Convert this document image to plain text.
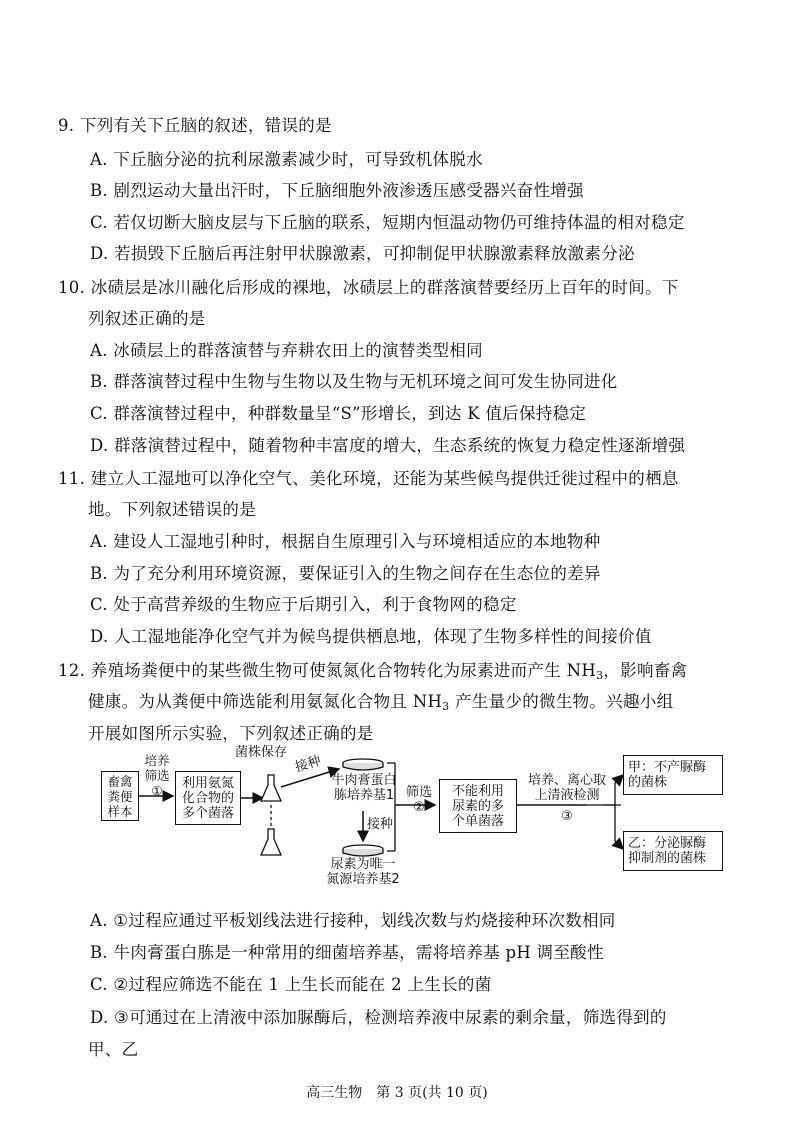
9. 下列有关下丘脑的叙述，错误的是
A. 下丘脑分泌的抗利尿激素减少时，可导致机体脱水
B. 剧烈运动大量出汗时，下丘脑细胞外液渗透压感受器兴奋性增强
C. 若仅切断大脑皮层与下丘脑的联系，短期内恒温动物仍可维持体温的相对稳定
D. 若损毁下丘脑后再注射甲状腺激素，可抑制促甲状腺激素释放激素分泌
10. 冰碛层是冰川融化后形成的裸地，冰碛层上的群落演替要经历上百年的时间。下
列叙述正确的是
A. 冰碛层上的群落演替与弃耕农田上的演替类型相同
B. 群落演替过程中生物与生物以及生物与无机环境之间可发生协同进化
C. 群落演替过程中，种群数量呈“S”形增长，到达 K 值后保持稳定
D. 群落演替过程中，随着物种丰富度的增大，生态系统的恢复力稳定性逐渐增强
11. 建立人工湿地可以净化空气、美化环境，还能为某些候鸟提供迁徙过程中的栖息
地。下列叙述错误的是
A. 建设人工湿地引种时，根据自生原理引入与环境相适应的本地物种
B. 为了充分利用环境资源，要保证引入的生物之间存在生态位的差异
C. 处于高营养级的生物应于后期引入，利于食物网的稳定
D. 人工湿地能净化空气并为候鸟提供栖息地，体现了生物多样性的间接价值
12. 养殖场粪便中的某些微生物可使氮氮化合物转化为尿素进而产生 $NH_3$，影响畜禽
健康。为从粪便中筛选能利用氨氮化合物且 $NH_3$ 产生量少的微生物。兴趣小组
开展如图所示实验，下列叙述正确的是
畜禽
粪便
样本
培养
筛选
①	利用氨氮
化合物的
多个菌落
菌株保存
接种
牛肉膏蛋白
胨培养基1
接种
尿素为唯一
氮源培养基2
筛选
②
不能利用
尿素的多
个单菌落
培养、离心取
上清液检测
③
甲：不产脲酶
的菌株
乙：分泌脲酶
抑制剂的菌株
A. ①过程应通过平板划线法进行接种，划线次数与灼烧接种环次数相同
B. 牛肉膏蛋白胨是一种常用的细菌培养基，需将培养基 pH 调至酸性
C. ②过程应筛选不能在 1 上生长而能在 2 上生长的菌
D. ③可通过在上清液中添加脲酶后，检测培养液中尿素的剩余量，筛选得到的
甲、乙
高三生物　第 3 页(共 10 页)
